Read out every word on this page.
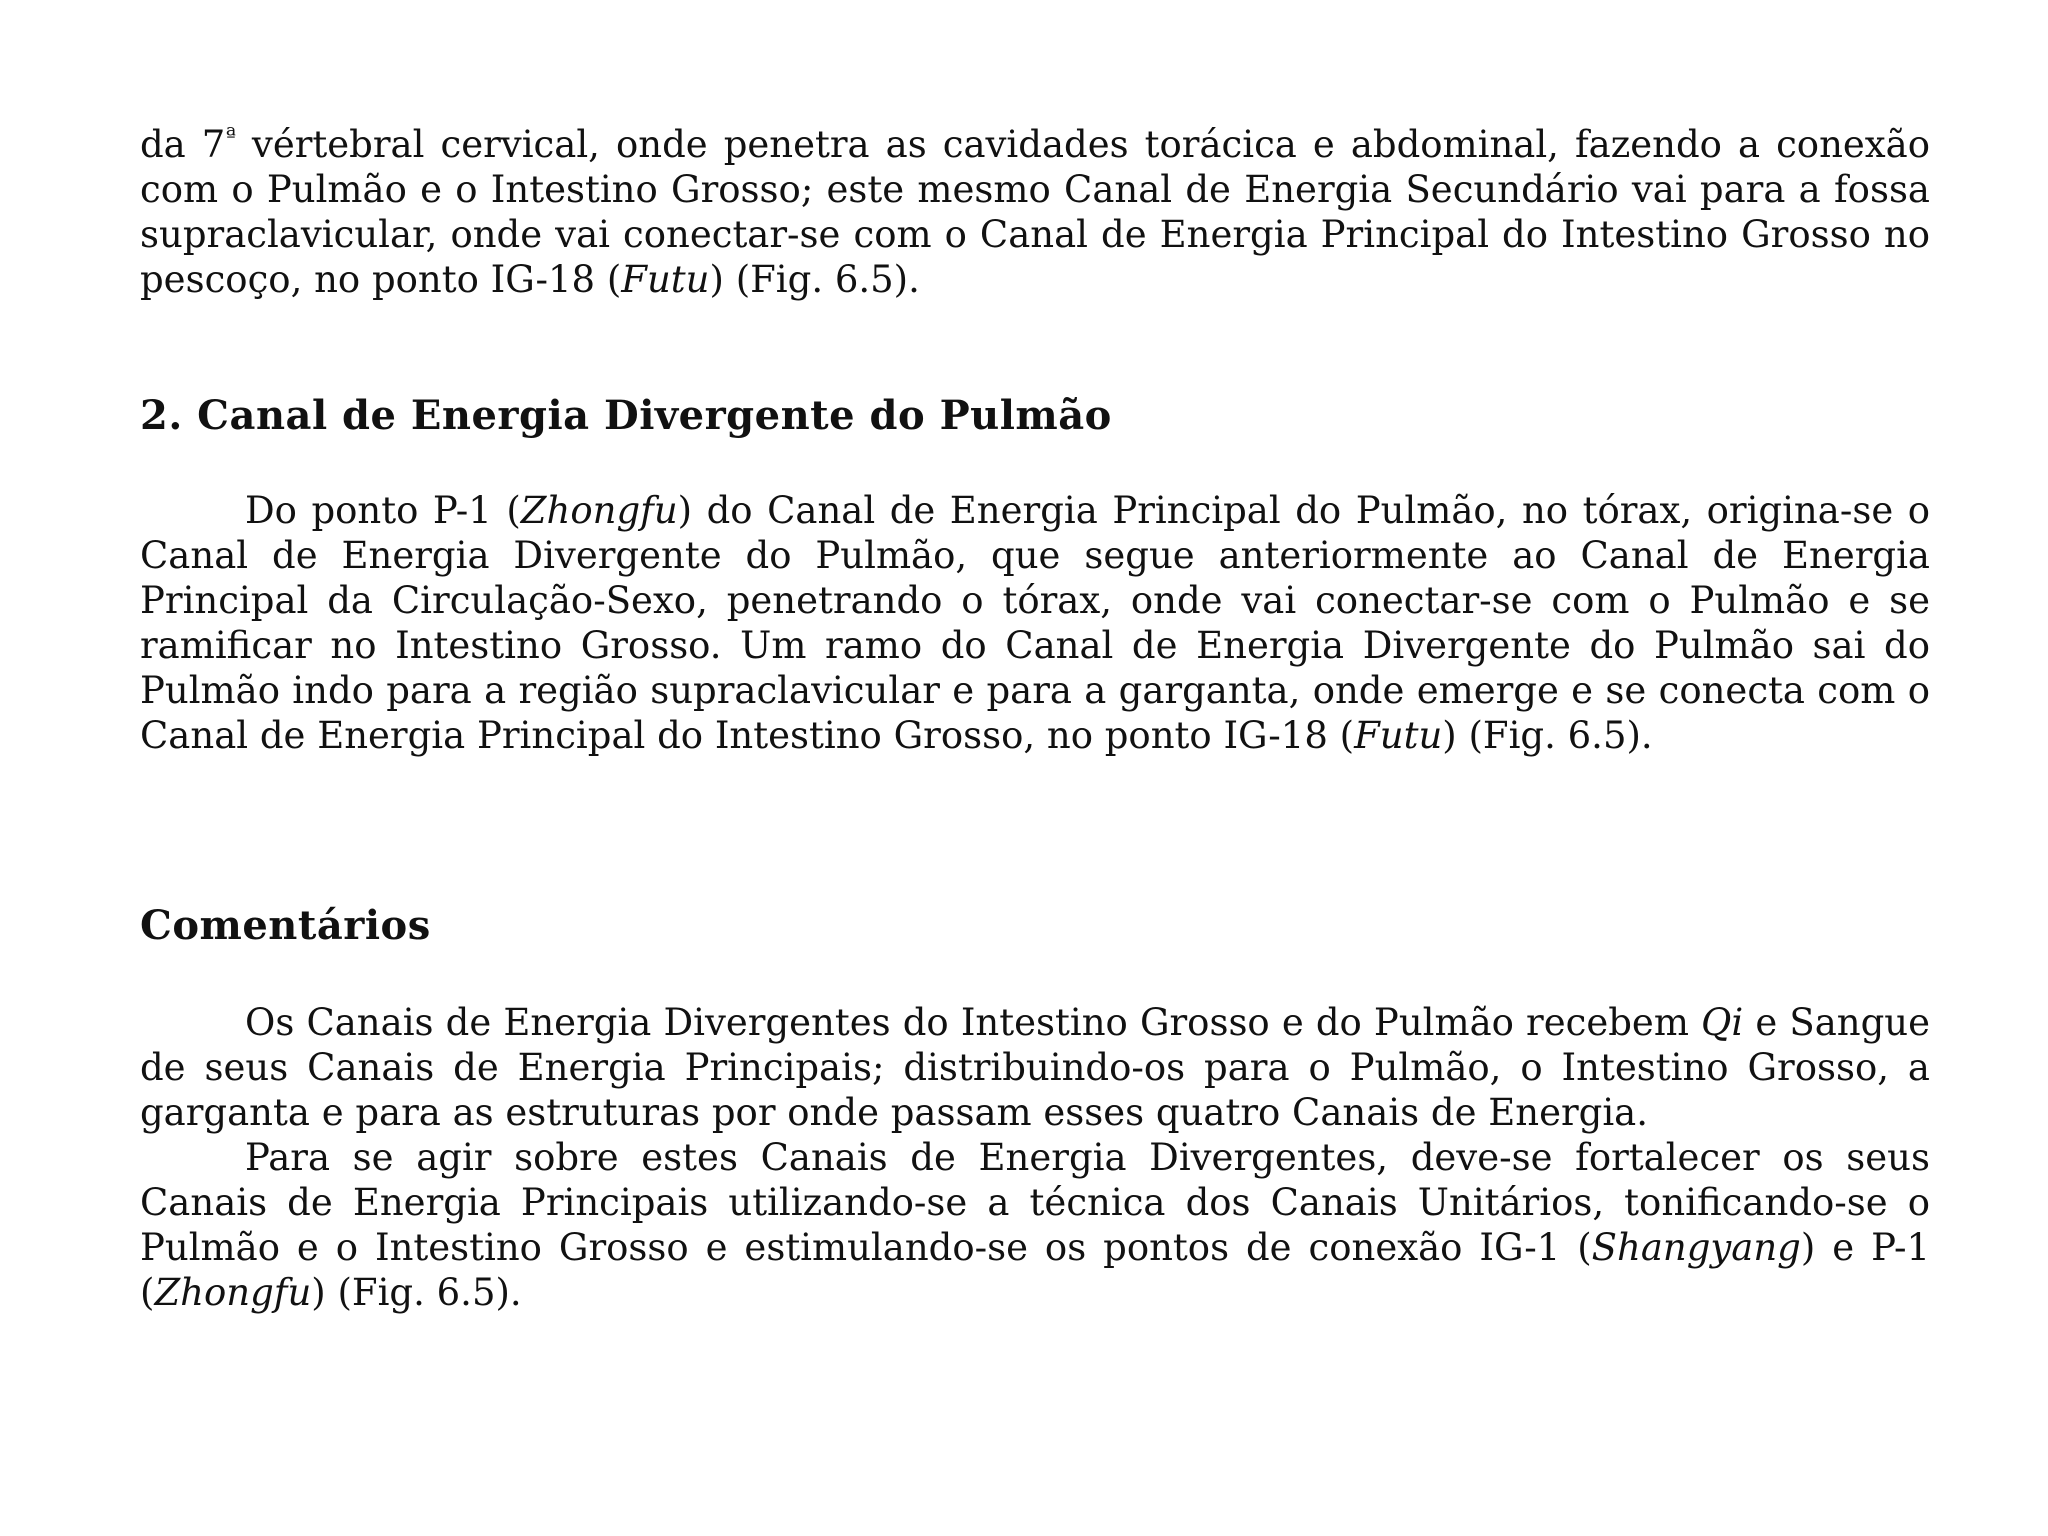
da $7^ª$ vértebral cervical, onde penetra as cavidades torácica e abdominal, fazendo a conexão com o Pulmão e o Intestino Grosso; este mesmo Canal de Energia Secundário vai para a fossa supraclavicular, onde vai conectar-se com o Canal de Energia Principal do Intestino Grosso no pescoço, no ponto IG-18 (Futu) (Fig. 6.5).

2. Canal de Energia Divergente do Pulmão

Do ponto P-1 (Zhongfu) do Canal de Energia Principal do Pulmão, no tórax, origina-se o Canal de Energia Divergente do Pulmão, que segue anteriormente ao Canal de Energia Principal da Circulação-Sexo, penetrando o tórax, onde vai conectar-se com o Pulmão e se ramificar no Intestino Grosso. Um ramo do Canal de Energia Divergente do Pulmão sai do Pulmão indo para a região supraclavicular e para a garganta, onde emerge e se conecta com o Canal de Energia Principal do Intestino Grosso, no ponto IG-18 (Futu) (Fig. 6.5).

Comentários

Os Canais de Energia Divergentes do Intestino Grosso e do Pulmão recebem Qi e Sangue de seus Canais de Energia Principais; distribuindo-os para o Pulmão, o Intestino Grosso, a garganta e para as estruturas por onde passam esses quatro Canais de Energia.

Para se agir sobre estes Canais de Energia Divergentes, deve-se fortalecer os seus Canais de Energia Principais utilizando-se a técnica dos Canais Unitários, tonificando-se o Pulmão e o Intestino Grosso e estimulando-se os pontos de conexão IG-1 (Shangyang) e P-1 (Zhongfu) (Fig. 6.5).
